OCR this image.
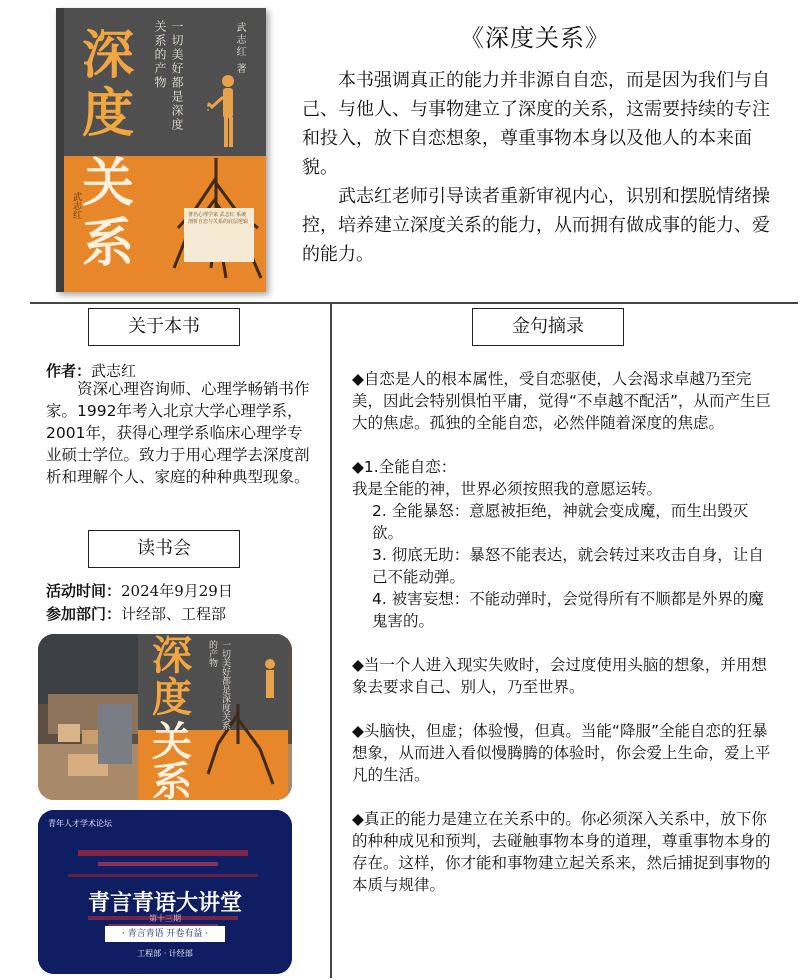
深
度
关
系
一切美好都是深度关系的产物	武志红 著
武志红	著名心理学家 武志红 系统剖析自恋与关系的底层逻辑
《深度关系》

本书强调真正的能力并非源自自恋，而是因为我们与自己、与他人、与事物建立了深度的关系，这需要持续的专注和投入，放下自恋想象，尊重事物本身以及他人的本来面貌。

武志红老师引导读者重新审视内心，识别和摆脱情绪操控，培养建立深度关系的能力，从而拥有做成事的能力、爱的能力。

关于本书
作者：武志红

资深心理咨询师、心理学畅销书作家。1992年考入北京大学心理学系，2001年，获得心理学系临床心理学专业硕士学位。致力于用心理学去深度剖析和理解个人、家庭的种种典型现象。

读书会
活动时间：2024年9月29日
参加部门：计经部、工程部
深
度
关
系
一切美好都是深度关系的产物
青年人才学术论坛
青言青语大讲堂
第十三期
· 青言青语 开卷有益 ·
工程部 · 计经部
金句摘录
◆自恋是人的根本属性，受自恋驱使，人会渴求卓越乃至完美，因此会特别惧怕平庸，觉得“不卓越不配活”，从而产生巨大的焦虑。孤独的全能自恋，必然伴随着深度的焦虑。
◆1.全能自恋：
我是全能的神，世界必须按照我的意愿运转。
2. 全能暴怒：意愿被拒绝，神就会变成魔，而生出毁灭欲。
3. 彻底无助：暴怒不能表达，就会转过来攻击自身，让自己不能动弹。
4. 被害妄想：不能动弹时，会觉得所有不顺都是外界的魔鬼害的。
◆当一个人进入现实失败时，会过度使用头脑的想象，并用想象去要求自己、别人，乃至世界。
◆头脑快，但虚；体验慢，但真。当能“降服”全能自恋的狂暴想象，从而进入看似慢腾腾的体验时，你会爱上生命，爱上平凡的生活。
◆真正的能力是建立在关系中的。你必须深入关系中，放下你的种种成见和预判，去碰触事物本身的道理，尊重事物本身的存在。这样，你才能和事物建立起关系来，然后捕捉到事物的本质与规律。
